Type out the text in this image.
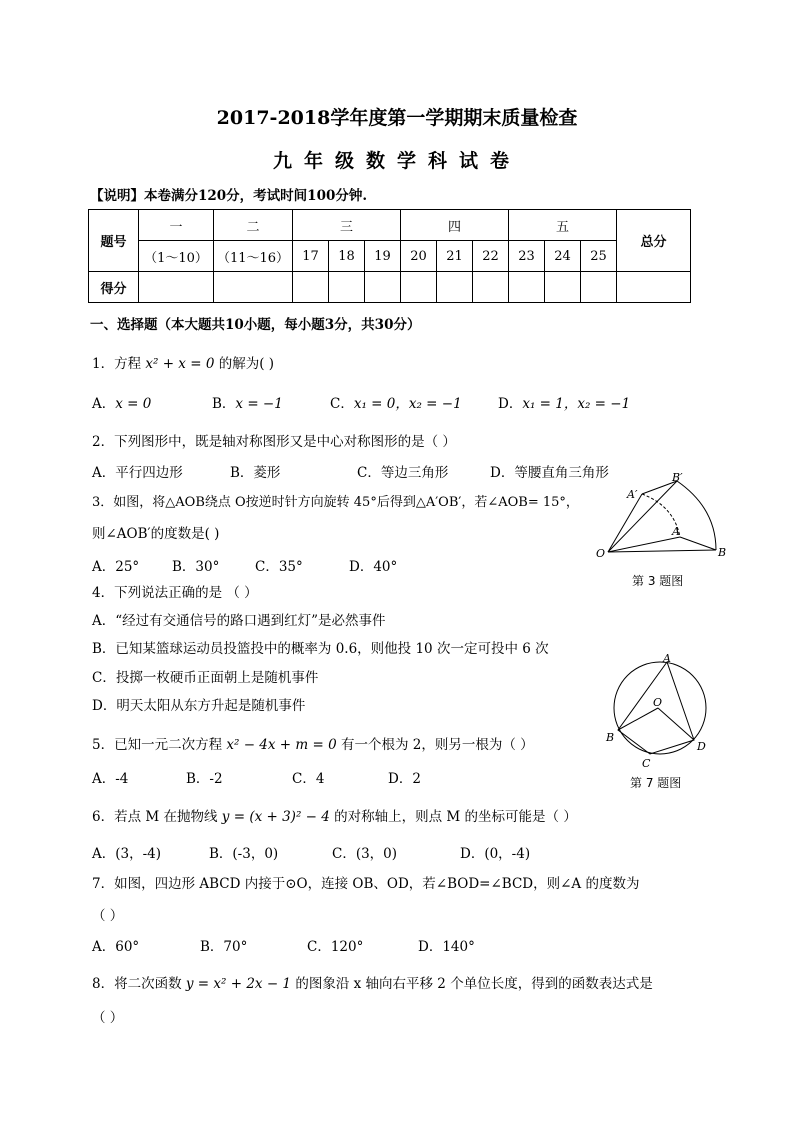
2017-2018学年度第一学期期末质量检查
九年级数学科试卷
【说明】本卷满分120分，考试时间100分钟.
题号	一	二	三			四			五			总分
	（1～10）	（11～16）	17	18	19	20	21	22	23	24	25	
得分												
一、选择题（本大题共10小题，每小题3分，共30分）
1．方程 x² + x = 0 的解为( )
A．x = 0	B．x = −1	C．x₁ = 0，x₂ = −1	D．x₁ = 1，x₂ = −1
2．下列图形中，既是轴对称图形又是中心对称图形的是（ ）
A．平行四边形	B．菱形	C．等边三角形	D．等腰直角三角形
3．如图，将△AOB绕点 O按逆时针方向旋转 45°后得到△A′OB′，若∠AOB= 15°，
则∠AOB′的度数是( )
A．25° B．30°	C．35°	D．40°
O
A
B
A′
B′
第 3 题图
4．下列说法正确的是 （ ）
A．“经过有交通信号的路口遇到红灯”是必然事件
B．已知某篮球运动员投篮投中的概率为 0.6，则他投 10 次一定可投中 6 次
C．投掷一枚硬币正面朝上是随机事件
D．明天太阳从东方升起是随机事件
A
O
B
C
D
第 7 题图
5．已知一元二次方程 x² − 4x + m = 0 有一个根为 2，则另一根为（ ）
A．-4	B．-2	C．4	D．2
6．若点 M 在抛物线 y = (x + 3)² − 4 的对称轴上，则点 M 的坐标可能是（ ）
A．(3，-4)	B．(-3，0)	C．(3，0)	D．(0，-4)
7．如图，四边形 ABCD 内接于⊙O，连接 OB、OD，若∠BOD=∠BCD，则∠A 的度数为
（ ）
A．60°	B．70°	C．120°	D．140°
8．将二次函数 y = x² + 2x − 1 的图象沿 x 轴向右平移 2 个单位长度，得到的函数表达式是
（ ）
